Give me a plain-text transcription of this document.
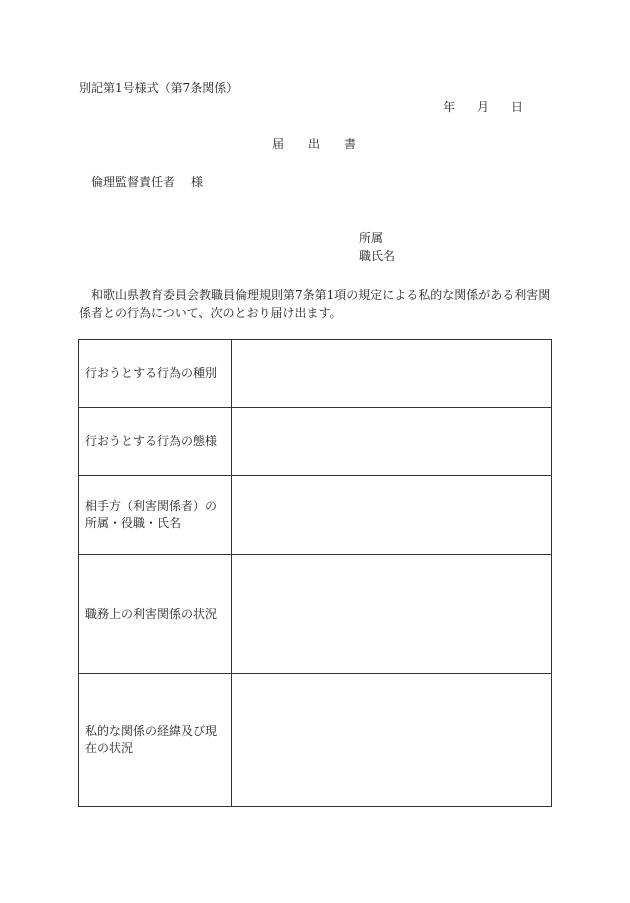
別記第1号様式（第7条関係）
年 月 日
届 出 書
倫理監督責任者 様
所属
職氏名
和歌山県教育委員会教職員倫理規則第7条第1項の規定による私的な関係がある利害関係者との行為について、次のとおり届け出ます。
行おうとする行為の種別	
行おうとする行為の態様	
相手方（利害関係者）の所属・役職・氏名	
職務上の利害関係の状況	
私的な関係の経緯及び現在の状況	
